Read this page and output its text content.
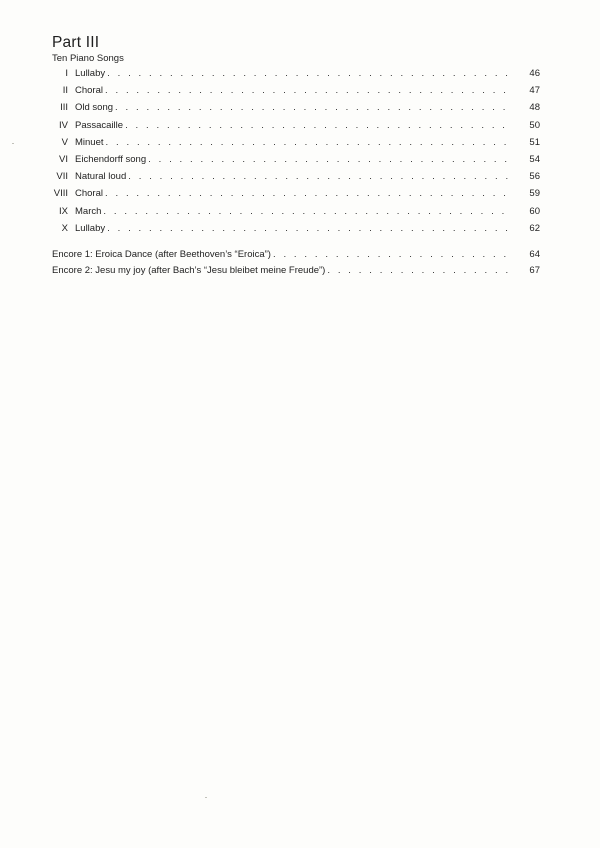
Part III
Ten Piano Songs
I Lullaby . . .	46
II Choral . . .	47
III Old song . . .	48
IV Passacaille . . .	50
V Minuet . . .	51
VI Eichendorff song . . .	54
VII Natural loud . . .	56
VIII Choral . . .	59
IX March . . .	60
X Lullaby . . .	62
Encore 1: Eroica Dance (after Beethoven’s “Eroica”) . . .	64
Encore 2: Jesu my joy (after Bach’s “Jesu bleibet meine Freude”) . . .	67
